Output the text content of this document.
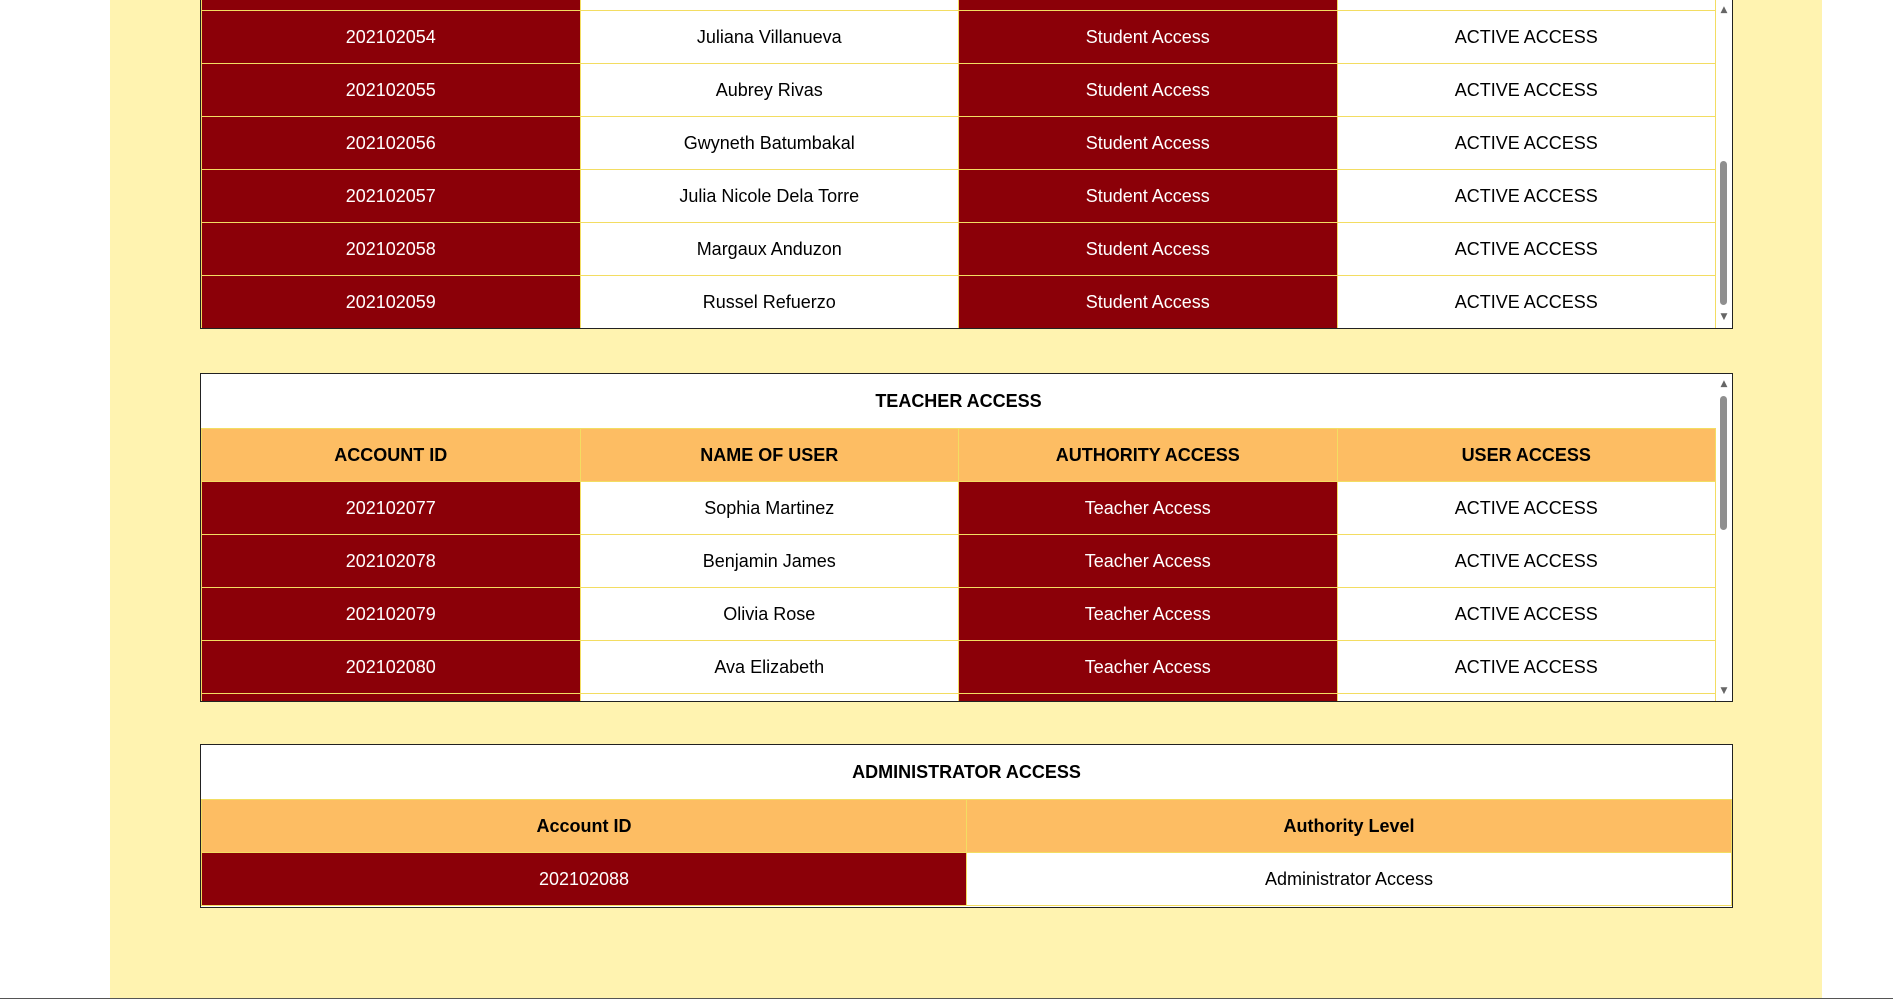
202102054	Juliana Villanueva	Student Access	ACTIVE ACCESS
202102055	Aubrey Rivas	Student Access	ACTIVE ACCESS
202102056	Gwyneth Batumbakal	Student Access	ACTIVE ACCESS
202102057	Julia Nicole Dela Torre	Student Access	ACTIVE ACCESS
202102058	Margaux Anduzon	Student Access	ACTIVE ACCESS
202102059	Russel Refuerzo	Student Access	ACTIVE ACCESS
▲
▼
TEACHER ACCESS
ACCOUNT ID	NAME OF USER	AUTHORITY ACCESS	USER ACCESS
202102077	Sophia Martinez	Teacher Access	ACTIVE ACCESS
202102078	Benjamin James	Teacher Access	ACTIVE ACCESS
202102079	Olivia Rose	Teacher Access	ACTIVE ACCESS
202102080	Ava Elizabeth	Teacher Access	ACTIVE ACCESS

▲
▼
ADMINISTRATOR ACCESS
Account ID	Authority Level
202102088	Administrator Access
